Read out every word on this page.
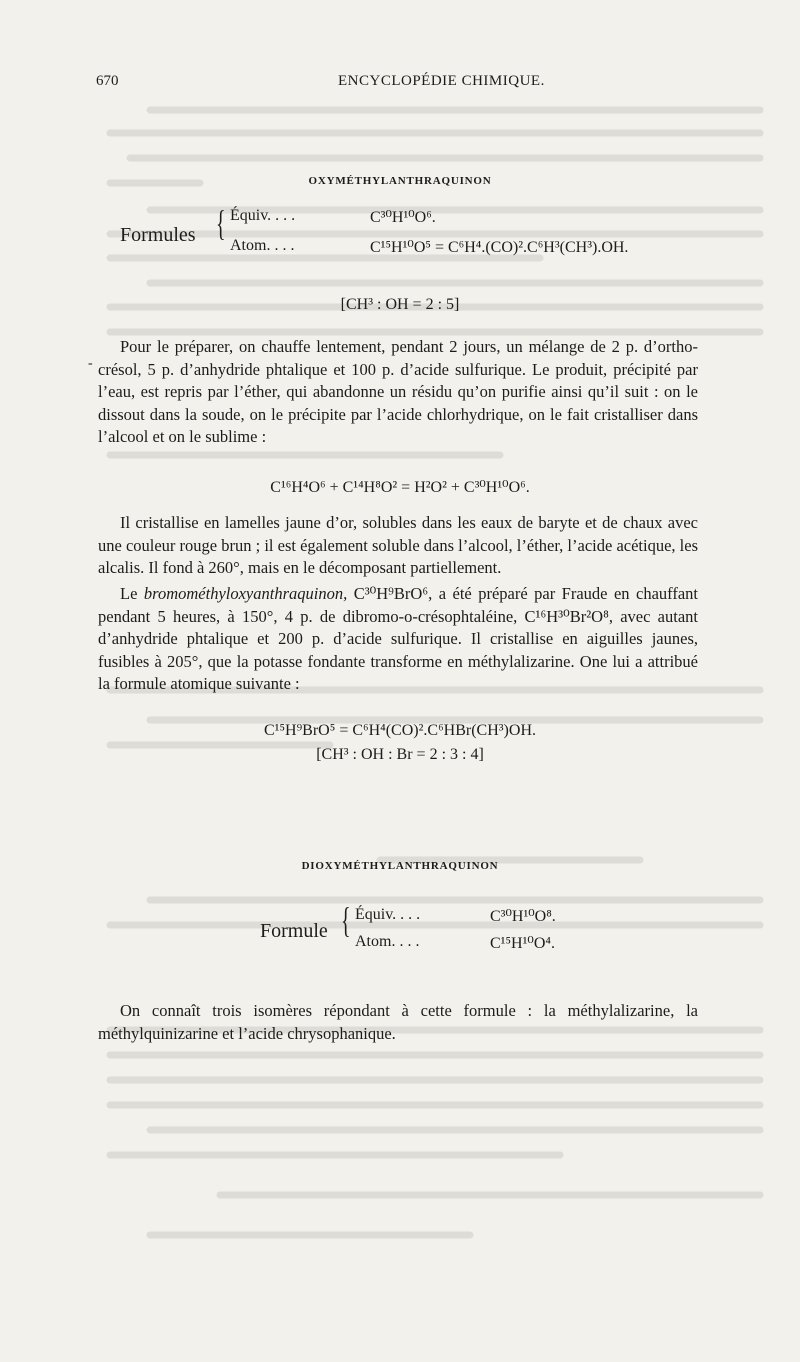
670	ENCYCLOPÉDIE CHIMIQUE.
OXYMÉTHYLANTHRAQUINON
Formules { Équiv. . . .	C³⁰H¹⁰O⁶.
Atom. . . .	C¹⁵H¹⁰O⁵ = C⁶H⁴.(CO)².C⁶H³(CH³).OH.
[CH³ : OH = 2 : 5]

Pour le préparer, on chauffe lentement, pendant 2 jours, un mélange de 2 p. d’ortho-crésol, 5 p. d’anhydride phtalique et 100 p. d’acide sulfurique. Le produit, précipité par l’eau, est repris par l’éther, qui abandonne un résidu qu’on purifie ainsi qu’il suit : on le dissout dans la soude, on le précipite par l’acide chlorhydrique, on le fait cristalliser dans l’alcool et on le sublime :

-
C¹⁶H⁴O⁶ + C¹⁴H⁸O² = H²O² + C³⁰H¹⁰O⁶.

Il cristallise en lamelles jaune d’or, solubles dans les eaux de baryte et de chaux avec une couleur rouge brun ; il est également soluble dans l’alcool, l’éther, l’acide acétique, les alcalis. Il fond à 260°, mais en le décomposant partiellement.

Le bromométhyloxyanthraquinon, C³⁰H⁹BrO⁶, a été préparé par Fraude en chauffant pendant 5 heures, à 150°, 4 p. de dibromo-o-crésophtaléine, C¹⁶H³⁰Br²O⁸, avec autant d’anhydride phtalique et 200 p. d’acide sulfurique. Il cristallise en aiguilles jaunes, fusibles à 205°, que la potasse fondante transforme en méthylalizarine. One lui a attribué la formule atomique suivante :

C¹⁵H⁹BrO⁵ = C⁶H⁴(CO)².C⁶HBr(CH³)OH.
[CH³ : OH : Br = 2 : 3 : 4]
DIOXYMÉTHYLANTHRAQUINON
Formule { Équiv. . . .	C³⁰H¹⁰O⁸.
Atom. . . .	C¹⁵H¹⁰O⁴.

On connaît trois isomères répondant à cette formule : la méthylalizarine, la méthylquinizarine et l’acide chrysophanique.
